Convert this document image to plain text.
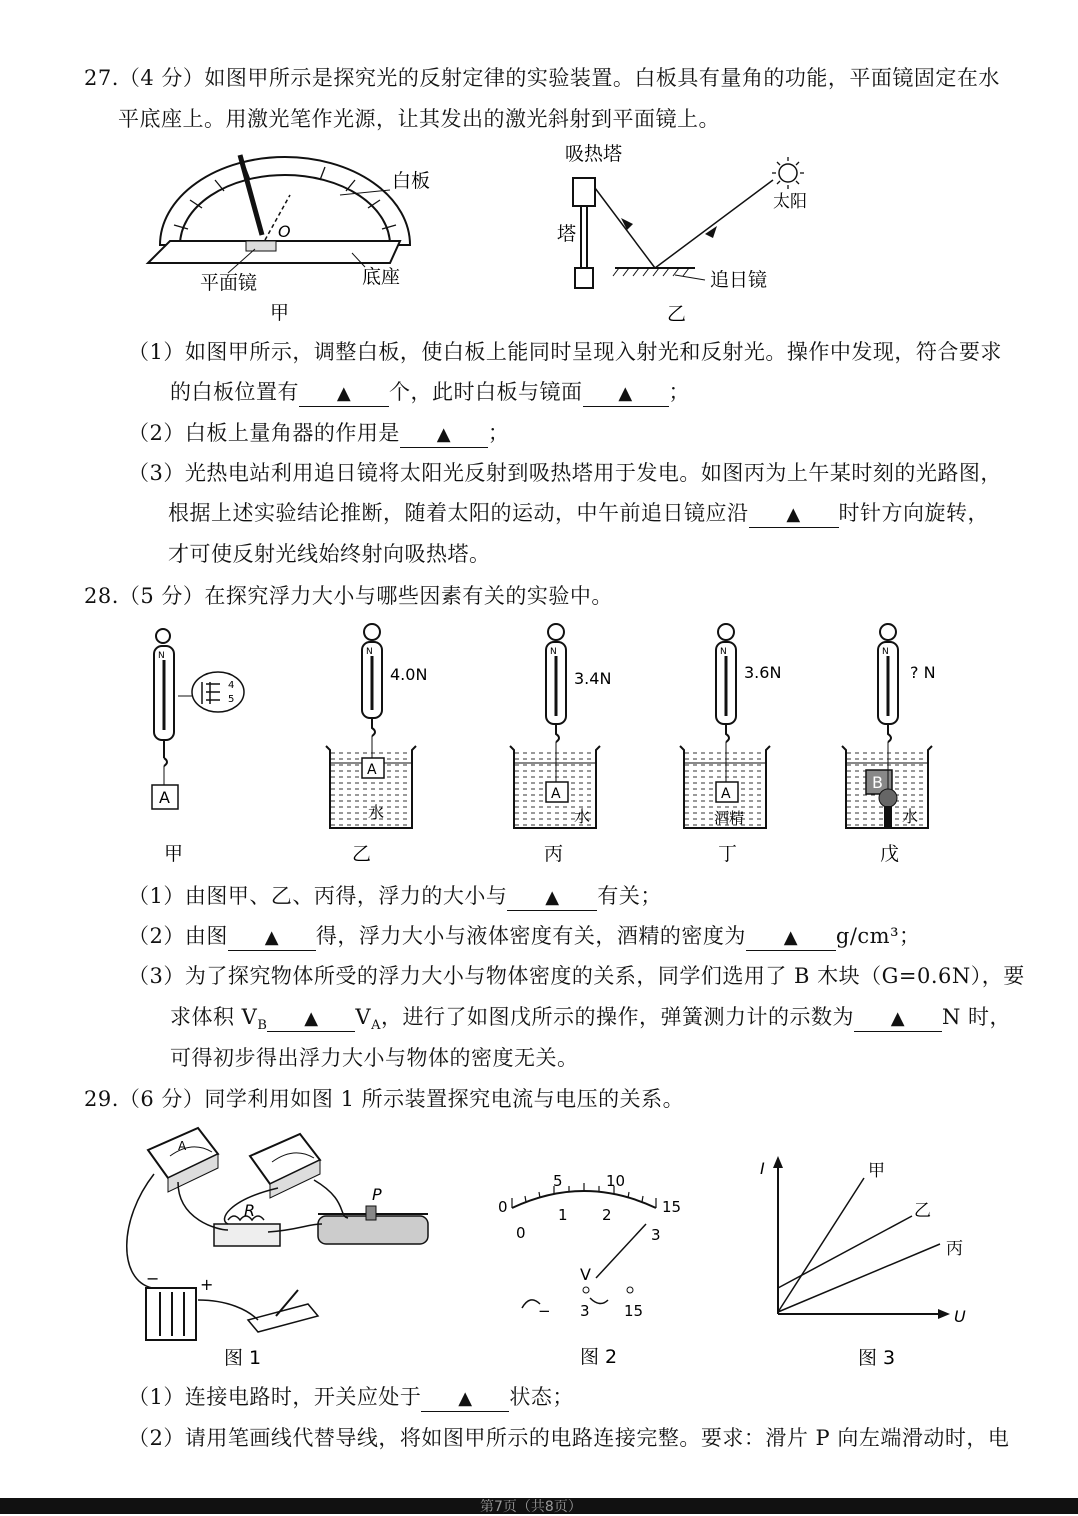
27.（4 分）如图甲所示是探究光的反射定律的实验装置。白板具有量角的功能，平面镜固定在水
平底座上。用激光笔作光源，让其发出的激光斜射到平面镜上。
O
白板
平面镜	底座
甲
吸热塔
塔
太阳
追日镜
乙
（1）如图甲所示，调整白板，使白板上能同时呈现入射光和反射光。操作中发现，符合要求
的白板位置有 ▲ 个，此时白板与镜面 ▲ ；
（2）白板上量角器的作用是 ▲ ；
（3）光热电站利用追日镜将太阳光反射到吸热塔用于发电。如图丙为上午某时刻的光路图，
根据上述实验结论推断，随着太阳的运动，中午前追日镜应沿 ▲ 时针方向旋转，
才可使反射光线始终射向吸热塔。
28.（5 分）在探究浮力大小与哪些因素有关的实验中。
N
A
4
5
甲
N
4.0N
A
水
乙
N
3.4N
A
水
丙
N
3.6N
A
酒精
丁
N
? N
B
水
戊
（1）由图甲、乙、丙得，浮力的大小与 ▲ 有关；
（2）由图 ▲ 得，浮力大小与液体密度有关，酒精的密度为 ▲ g/cm³；
（3）为了探究物体所受的浮力大小与物体密度的关系，同学们选用了 B 木块（G=0.6N），要
求体积 $V_B$ ▲ $V_A$，进行了如图戊所示的操作，弹簧测力计的示数为 ▲ N 时，
可得初步得出浮力大小与物体的密度无关。
29.（6 分）同学利用如图 1 所示装置探究电流与电压的关系。
A
R
P
−	+
图 1
0
5	10
15
0
1 2
3
V
− 3 15
图 2
I
U
甲
乙
丙
图 3
（1）连接电路时，开关应处于 ▲ 状态；
（2）请用笔画线代替导线，将如图甲所示的电路连接完整。要求：滑片 P 向左端滑动时，电
第7页（共8页）
